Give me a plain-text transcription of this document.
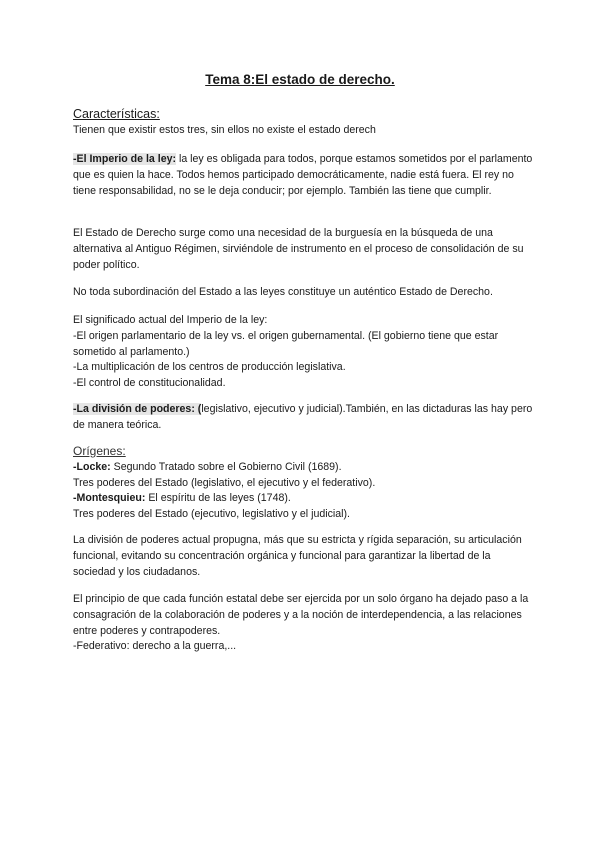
Tema 8:El estado de derecho.

Características:

Tienen que existir estos tres, sin ellos no existe el estado derech

-El Imperio de la ley: la ley es obligada para todos, porque estamos sometidos por el parlamento que es quien la hace. Todos hemos participado democráticamente, nadie está fuera. El rey no tiene responsabilidad, no se le deja conducir; por ejemplo. También las tiene que cumplir.

El Estado de Derecho surge como una necesidad de la burguesía en la búsqueda de una alternativa al Antiguo Régimen, sirviéndole de instrumento en el proceso de consolidación de su poder político.
No toda subordinación del Estado a las leyes constituye un auténtico Estado de Derecho.

El significado actual del Imperio de la ley:

-El origen parlamentario de la ley vs. el origen gubernamental. (El gobierno tiene que estar sometido al parlamento.)

-La multiplicación de los centros de producción legislativa.

-El control de constitucionalidad.

-La división de poderes: (legislativo, ejecutivo y judicial).También, en las dictaduras las hay pero de manera teórica.

Orígenes:

-Locke: Segundo Tratado sobre el Gobierno Civil (1689).

Tres poderes del Estado (legislativo, el ejecutivo y el federativo).

-Montesquieu: El espíritu de las leyes (1748).

Tres poderes del Estado (ejecutivo, legislativo y el judicial).

La división de poderes actual propugna, más que su estricta y rígida separación, su articulación funcional, evitando su concentración orgánica y funcional para garantizar la libertad de la sociedad y los ciudadanos.

El principio de que cada función estatal debe ser ejercida por un solo órgano ha dejado paso a la consagración de la colaboración de poderes y a la noción de interdependencia, a las relaciones entre poderes y contrapoderes.

-Federativo: derecho a la guerra,...
